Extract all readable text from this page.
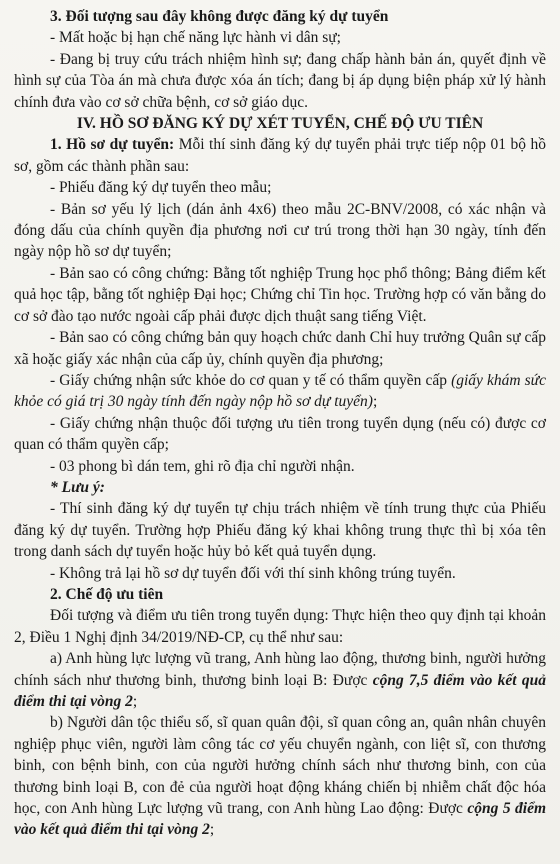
3. Đối tượng sau đây không được đăng ký dự tuyển

- Mất hoặc bị hạn chế năng lực hành vi dân sự;

- Đang bị truy cứu trách nhiệm hình sự; đang chấp hành bản án, quyết định về hình sự của Tòa án mà chưa được xóa án tích; đang bị áp dụng biện pháp xử lý hành chính đưa vào cơ sở chữa bệnh, cơ sở giáo dục.

IV. HỒ SƠ ĐĂNG KÝ DỰ XÉT TUYỂN, CHẾ ĐỘ ƯU TIÊN

1. Hồ sơ dự tuyển: Mỗi thí sinh đăng ký dự tuyển phải trực tiếp nộp 01 bộ hồ sơ, gồm các thành phần sau:

- Phiếu đăng ký dự tuyển theo mẫu;

- Bản sơ yếu lý lịch (dán ảnh 4x6) theo mẫu 2C-BNV/2008, có xác nhận và đóng dấu của chính quyền địa phương nơi cư trú trong thời hạn 30 ngày, tính đến ngày nộp hồ sơ dự tuyển;

- Bản sao có công chứng: Bằng tốt nghiệp Trung học phổ thông; Bảng điểm kết quả học tập, bằng tốt nghiệp Đại học; Chứng chỉ Tin học. Trường hợp có văn bằng do cơ sở đào tạo nước ngoài cấp phải được dịch thuật sang tiếng Việt.

- Bản sao có công chứng bản quy hoạch chức danh Chỉ huy trưởng Quân sự cấp xã hoặc giấy xác nhận của cấp ủy, chính quyền địa phương;

- Giấy chứng nhận sức khỏe do cơ quan y tế có thẩm quyền cấp (giấy khám sức khỏe có giá trị 30 ngày tính đến ngày nộp hồ sơ dự tuyển);

- Giấy chứng nhận thuộc đối tượng ưu tiên trong tuyển dụng (nếu có) được cơ quan có thẩm quyền cấp;

- 03 phong bì dán tem, ghi rõ địa chỉ người nhận.

* Lưu ý:

- Thí sinh đăng ký dự tuyển tự chịu trách nhiệm về tính trung thực của Phiếu đăng ký dự tuyển. Trường hợp Phiếu đăng ký khai không trung thực thì bị xóa tên trong danh sách dự tuyển hoặc hủy bỏ kết quả tuyển dụng.

- Không trả lại hồ sơ dự tuyển đối với thí sinh không trúng tuyển.

2. Chế độ ưu tiên

Đối tượng và điểm ưu tiên trong tuyển dụng: Thực hiện theo quy định tại khoản 2, Điều 1 Nghị định 34/2019/NĐ-CP, cụ thể như sau:

a) Anh hùng lực lượng vũ trang, Anh hùng lao động, thương binh, người hưởng chính sách như thương binh, thương binh loại B: Được cộng 7,5 điểm vào kết quả điểm thi tại vòng 2;

b) Người dân tộc thiểu số, sĩ quan quân đội, sĩ quan công an, quân nhân chuyên nghiệp phục viên, người làm công tác cơ yếu chuyển ngành, con liệt sĩ, con thương binh, con bệnh binh, con của người hưởng chính sách như thương binh, con của thương binh loại B, con đẻ của người hoạt động kháng chiến bị nhiễm chất độc hóa học, con Anh hùng Lực lượng vũ trang, con Anh hùng Lao động: Được cộng 5 điểm vào kết quả điểm thi tại vòng 2;
